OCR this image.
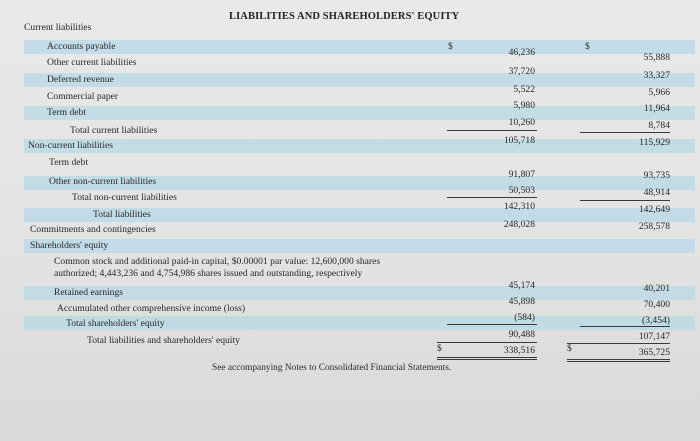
LIABILITIES AND SHAREHOLDERS' EQUITY
Current liabilities
Accounts payable
Other current liabilities
Deferred revenue
Commercial paper
Term debt
Total current liabilities
Non-current liabilities
Term debt
Other non-current liabilities
Total non-current liabilities
Total liabilities
Commitments and contingencies
Shareholders' equity
Common stock and additional paid-in capital, $0.00001 par value: 12,600,000 shares authorized; 4,443,236 and 4,754,986 shares issued and outstanding, respectively
Retained earnings
Accumulated other comprehensive income (loss)
Total shareholders' equity
Total liabilities and shareholders' equity
$	$
$	$
46,236
37,720
5,522
5,980
10,260
105,718
91,807
50,503
142,310
248,028
45,174
45,898
(584)
90,488
338,516
55,888
33,327
5,966
11,964
8,784
115,929
93,735
48,914
142,649
258,578
40,201
70,400
(3,454)
107,147
365,725
See accompanying Notes to Consolidated Financial Statements.
